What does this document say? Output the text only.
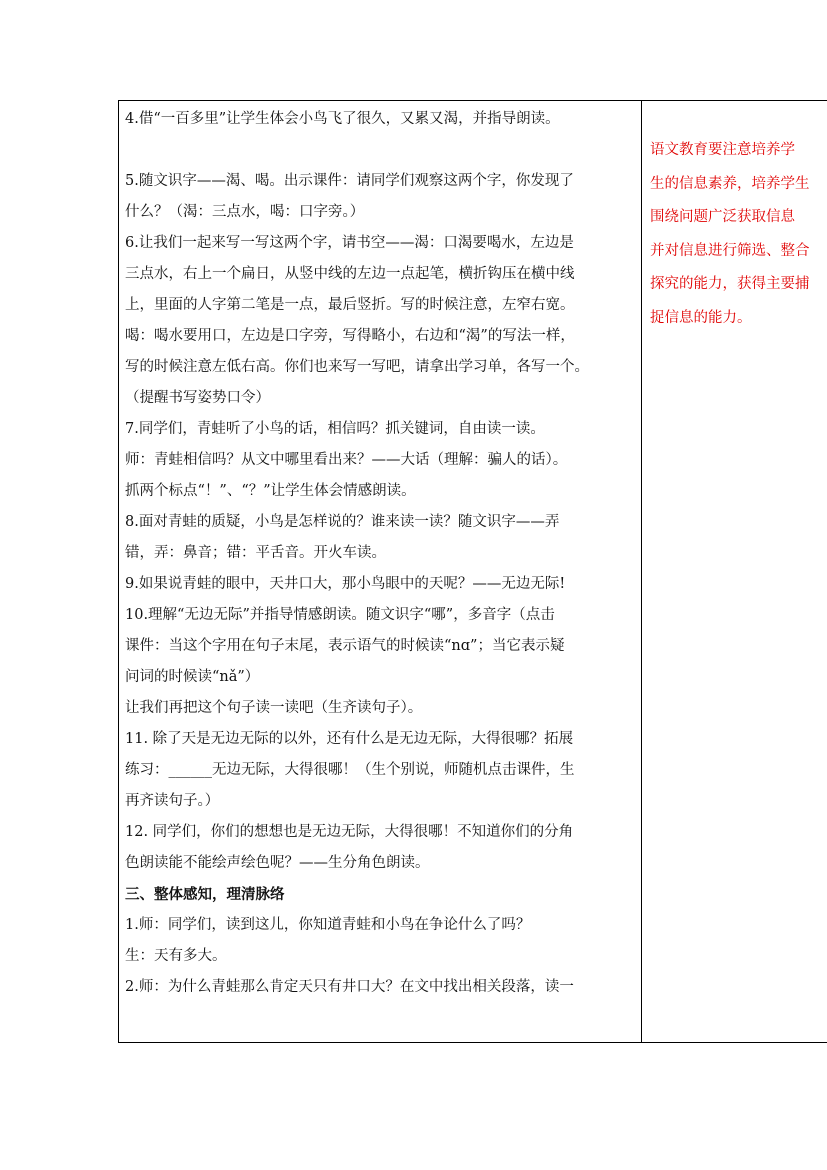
4.借“一百多里”让学生体会小鸟飞了很久，又累又渴，并指导朗读。
5.随文识字——渴、喝。出示课件：请同学们观察这两个字，你发现了
什么？（渴：三点水，喝：口字旁。）
6.让我们一起来写一写这两个字，请书空——渴：口渴要喝水，左边是
三点水，右上一个扁日，从竖中线的左边一点起笔，横折钩压在横中线
上，里面的人字第二笔是一点，最后竖折。写的时候注意，左窄右宽。
喝：喝水要用口，左边是口字旁，写得略小，右边和“渴”的写法一样，
写的时候注意左低右高。你们也来写一写吧，请拿出学习单，各写一个。
（提醒书写姿势口令）
7.同学们，青蛙听了小鸟的话，相信吗？抓关键词，自由读一读。
师：青蛙相信吗？从文中哪里看出来？——大话（理解：骗人的话）。
抓两个标点“！”、“？”让学生体会情感朗读。
8.面对青蛙的质疑，小鸟是怎样说的？谁来读一读？随文识字——弄
错，弄：鼻音；错：平舌音。开火车读。
9.如果说青蛙的眼中，天井口大，那小鸟眼中的天呢？——无边无际!
10.理解“无边无际”并指导情感朗读。随文识字“哪”，多音字（点击
课件：当这个字用在句子末尾，表示语气的时候读“nɑ”；当它表示疑
问词的时候读“nǎ”）
让我们再把这个句子读一读吧（生齐读句子）。
11. 除了天是无边无际的以外，还有什么是无边无际，大得很哪？拓展
练习：______无边无际，大得很哪！（生个别说，师随机点击课件，生
再齐读句子。）
12. 同学们，你们的想想也是无边无际，大得很哪！不知道你们的分角
色朗读能不能绘声绘色呢？——生分角色朗读。
三、整体感知，理清脉络
1.师：同学们，读到这儿，你知道青蛙和小鸟在争论什么了吗？
生：天有多大。
2.师：为什么青蛙那么肯定天只有井口大？在文中找出相关段落，读一
语文教育要注意培养学
生的信息素养，培养学生
围绕问题广泛获取信息
并对信息进行筛选、整合
探究的能力，获得主要捕
捉信息的能力。
